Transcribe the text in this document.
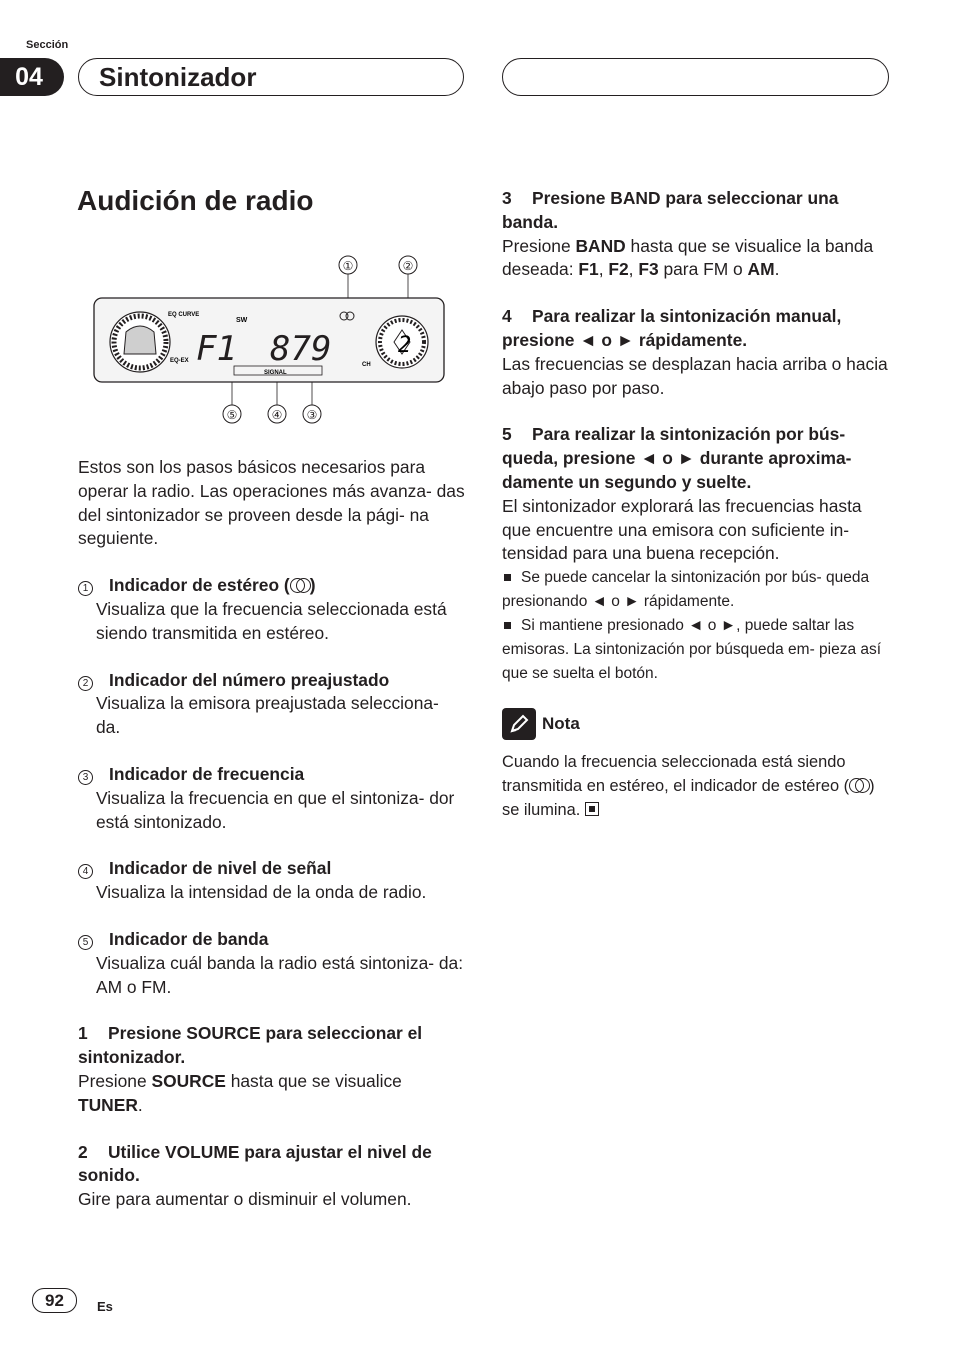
Sección
04	Sintonizador
Audición de radio
①	②
⑤	④ ③
EQ CURVE
EQ-EX
SW
F1 879
SIGNAL
CH
2

Estos son los pasos básicos necesarios para operar la radio. Las operaciones más avanza- das del sintonizador se proveen desde la pági- na seguiente.

1	Indicador de estéreo ( )
Visualiza que la frecuencia seleccionada está siendo transmitida en estéreo.
2	Indicador del número preajustado
Visualiza la emisora preajustada selecciona- da.
3	Indicador de frecuencia
Visualiza la frecuencia en que el sintoniza- dor está sintonizado.
4	Indicador de nivel de señal
Visualiza la intensidad de la onda de radio.
5	Indicador de banda
Visualiza cuál banda la radio está sintoniza- da: AM o FM.
1 Presione SOURCE para seleccionar el sintonizador.

Presione SOURCE hasta que se visualice TUNER.

2 Utilice VOLUME para ajustar el nivel de sonido.

Gire para aumentar o disminuir el volumen.

3 Presione BAND para seleccionar una banda.

Presione BAND hasta que se visualice la banda deseada: F1, F2, F3 para FM o AM.

4 Para realizar la sintonización manual, presione ◄ o ► rápidamente.

Las frecuencias se desplazan hacia arriba o hacia abajo paso por paso.

5 Para realizar la sintonización por bús- queda, presione ◄ o ► durante aproxima- damente un segundo y suelte.

El sintonizador explorará las frecuencias hasta que encuentre una emisora con suficiente in- tensidad para una buena recepción.

Se puede cancelar la sintonización por bús- queda presionando ◄ o ► rápidamente.
Si mantiene presionado ◄ o ►, puede saltar las emisoras. La sintonización por búsqueda em- pieza así que se suelta el botón.
Nota
Cuando la frecuencia seleccionada está siendo transmitida en estéreo, el indicador de estéreo ( ) se ilumina.
92	Es
